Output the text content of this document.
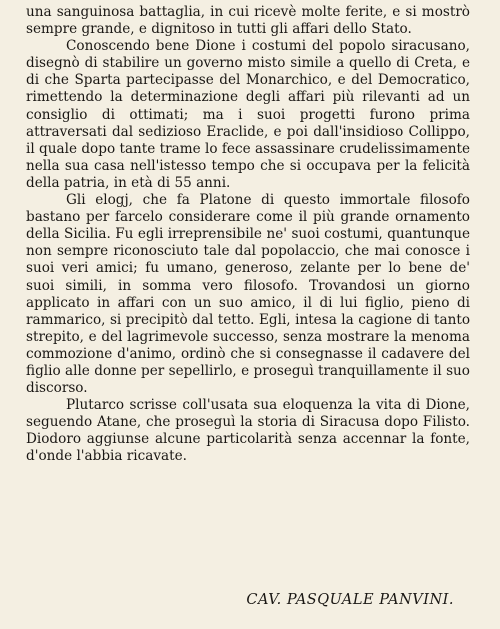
una sanguinosa battaglia, in cui ricevè molte ferite, e si mostrò sempre grande, e dignitoso in tutti gli affari dello Stato.

Conoscendo bene Dione i costumi del popolo siracusano, disegnò di stabilire un governo misto simile a quello di Creta, e di che Sparta partecipasse del Monarchico, e del Democratico, rimettendo la determinazione degli affari più rilevanti ad un consiglio di ottimati; ma i suoi progetti furono prima attraversati dal sedizioso Eraclide, e poi dall'insidioso Collippo, il quale dopo tante trame lo fece assassinare crudelissimamente nella sua casa nell'istesso tempo che si occupava per la felicità della patria, in età di 55 anni.

Gli elogj, che fa Platone di questo immortale filosofo bastano per farcelo considerare come il più grande ornamento della Sicilia. Fu egli irreprensibile ne' suoi costumi, quantunque non sempre riconosciuto tale dal popolaccio, che mai conosce i suoi veri amici; fu umano, generoso, zelante per lo bene de' suoi simili, in somma vero filosofo. Trovandosi un giorno applicato in affari con un suo amico, il di lui figlio, pieno di rammarico, si precipitò dal tetto. Egli, intesa la cagione di tanto strepito, e del lagrimevole successo, senza mostrare la menoma commozione d'animo, ordinò che si consegnasse il cadavere del figlio alle donne per sepellirlo, e proseguì tranquillamente il suo discorso.

Plutarco scrisse coll'usata sua eloquenza la vita di Dione, seguendo Atane, che proseguì la storia di Siracusa dopo Filisto. Diodoro aggiunse alcune particolarità senza accennar la fonte, d'onde l'abbia ricavate.

CAV. PASQUALE PANVINI.
